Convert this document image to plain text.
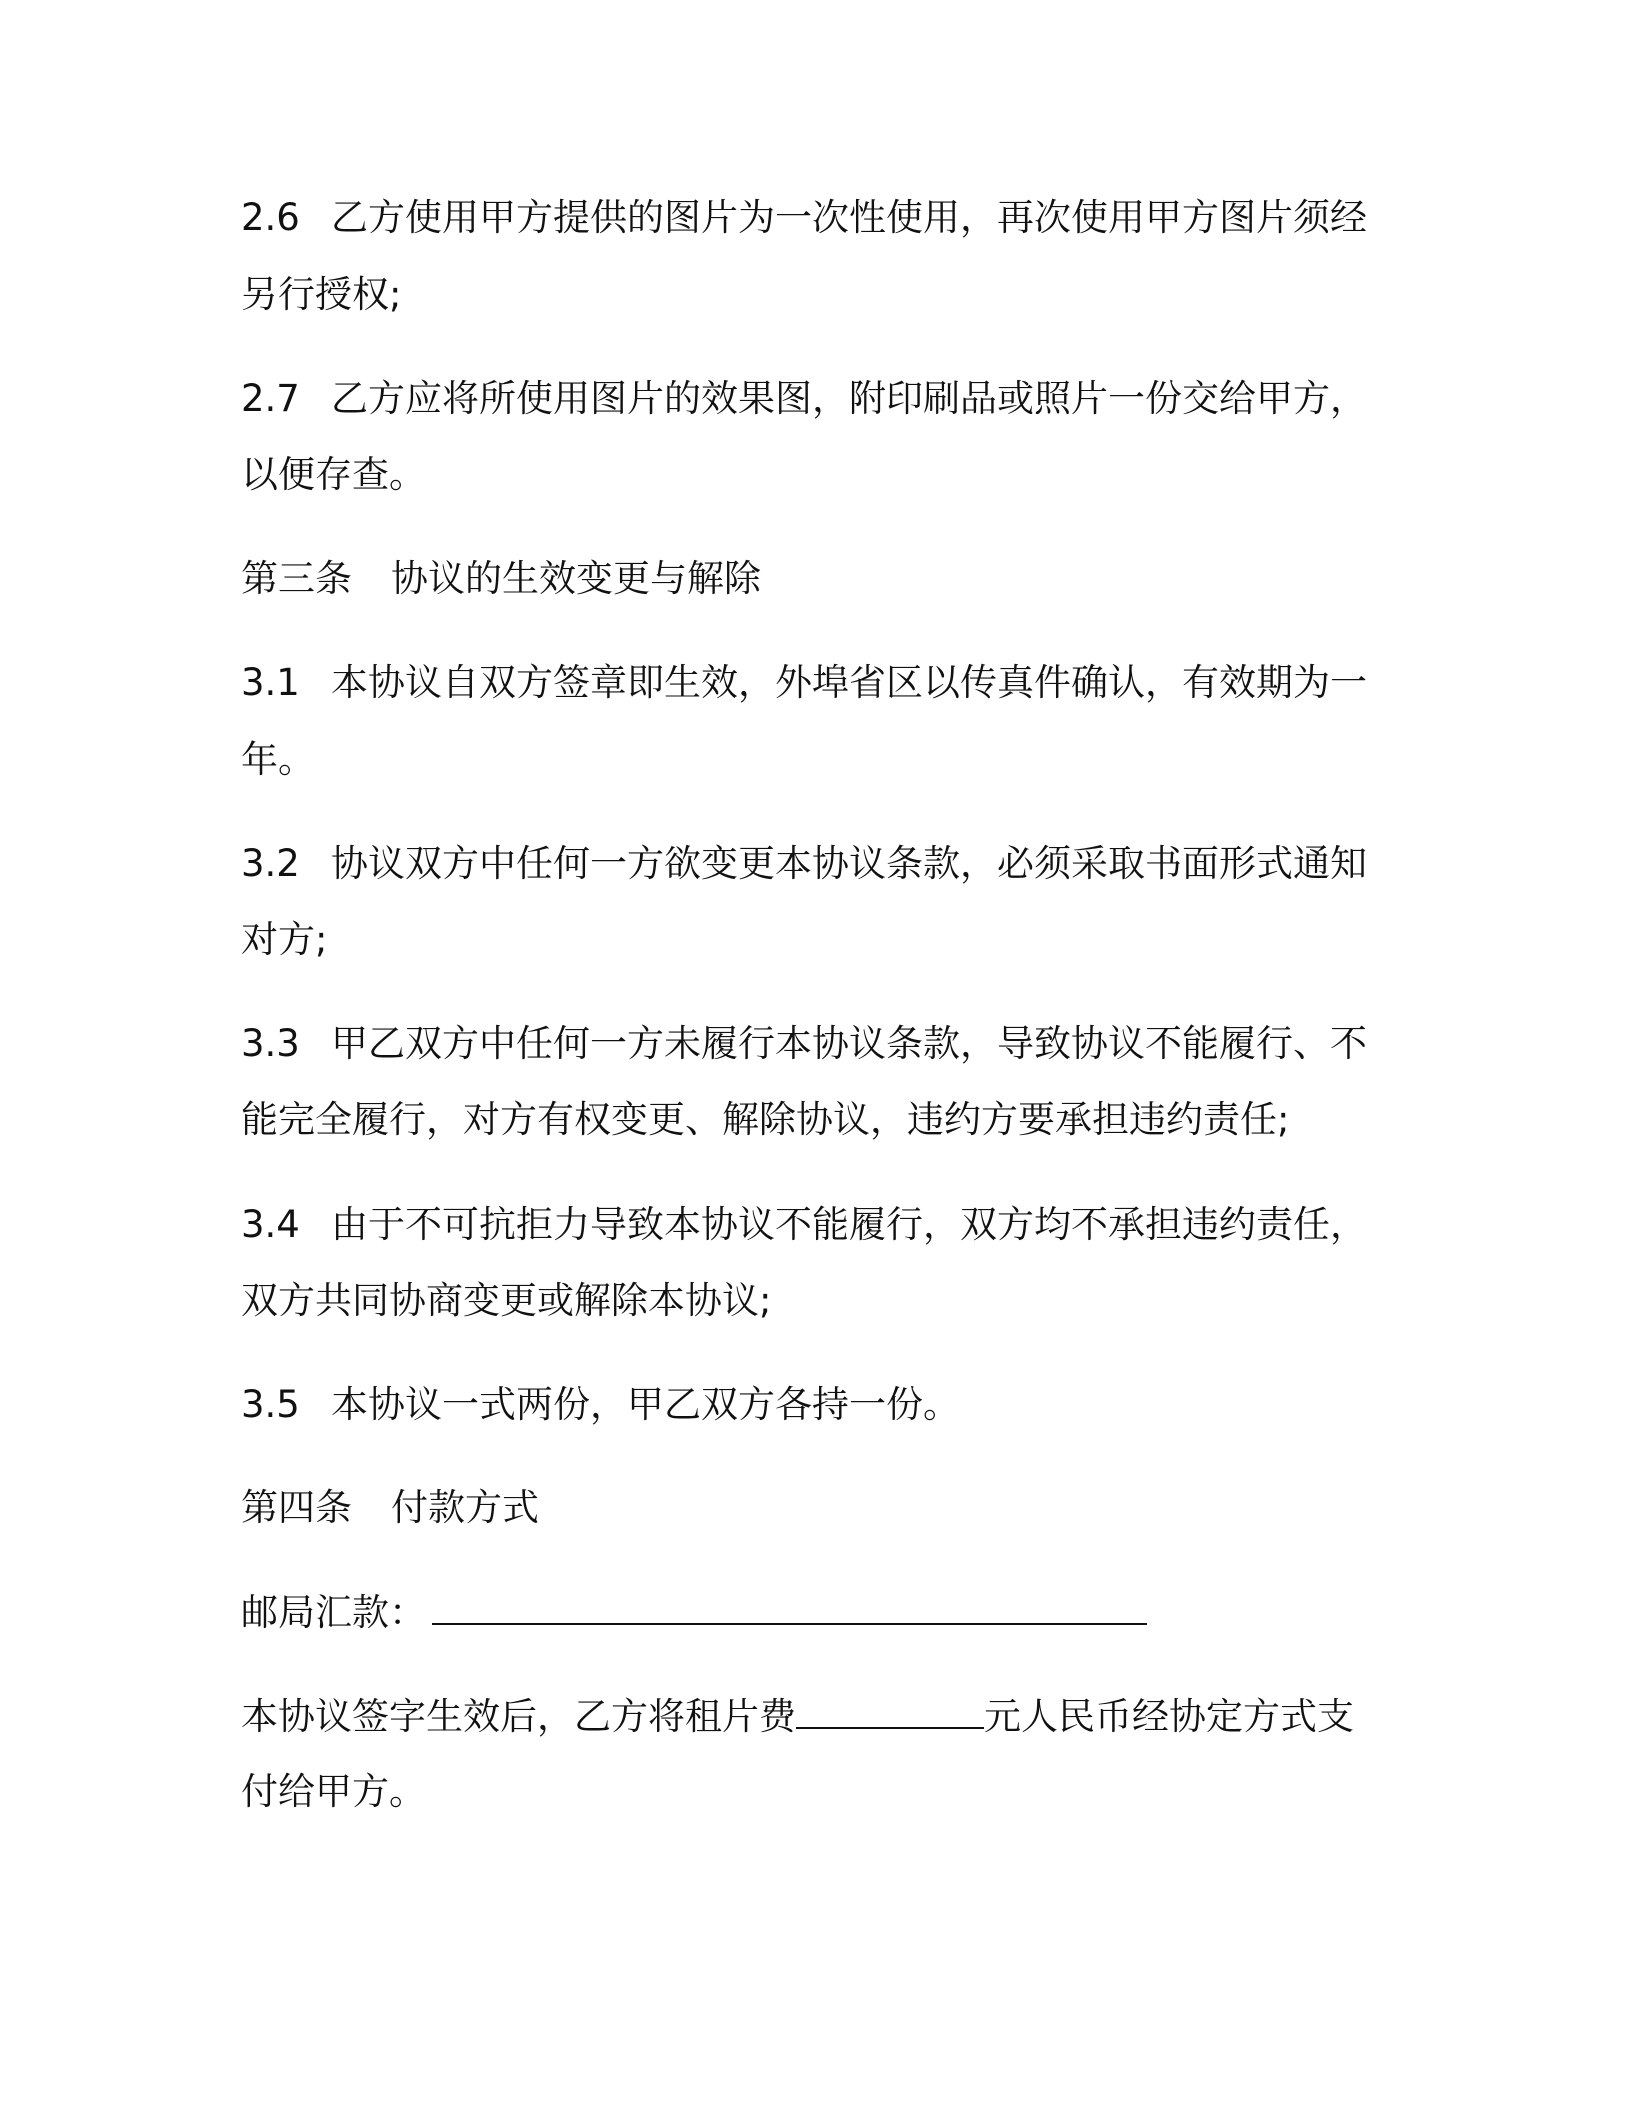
2.6 乙方使用甲方提供的图片为一次性使用，再次使用甲方图片须经
另行授权;
2.7 乙方应将所使用图片的效果图，附印刷品或照片一份交给甲方，
以便存查。
第三条 协议的生效变更与解除
3.1 本协议自双方签章即生效，外埠省区以传真件确认，有效期为一
年。
3.2 协议双方中任何一方欲变更本协议条款，必须采取书面形式通知
对方;
3.3 甲乙双方中任何一方未履行本协议条款，导致协议不能履行、不
能完全履行，对方有权变更、解除协议，违约方要承担违约责任;
3.4 由于不可抗拒力导致本协议不能履行，双方均不承担违约责任，
双方共同协商变更或解除本协议;
3.5 本协议一式两份，甲乙双方各持一份。
第四条 付款方式
邮局汇款：
本协议签字生效后，乙方将租片费	元人民币经协定方式支
付给甲方。
